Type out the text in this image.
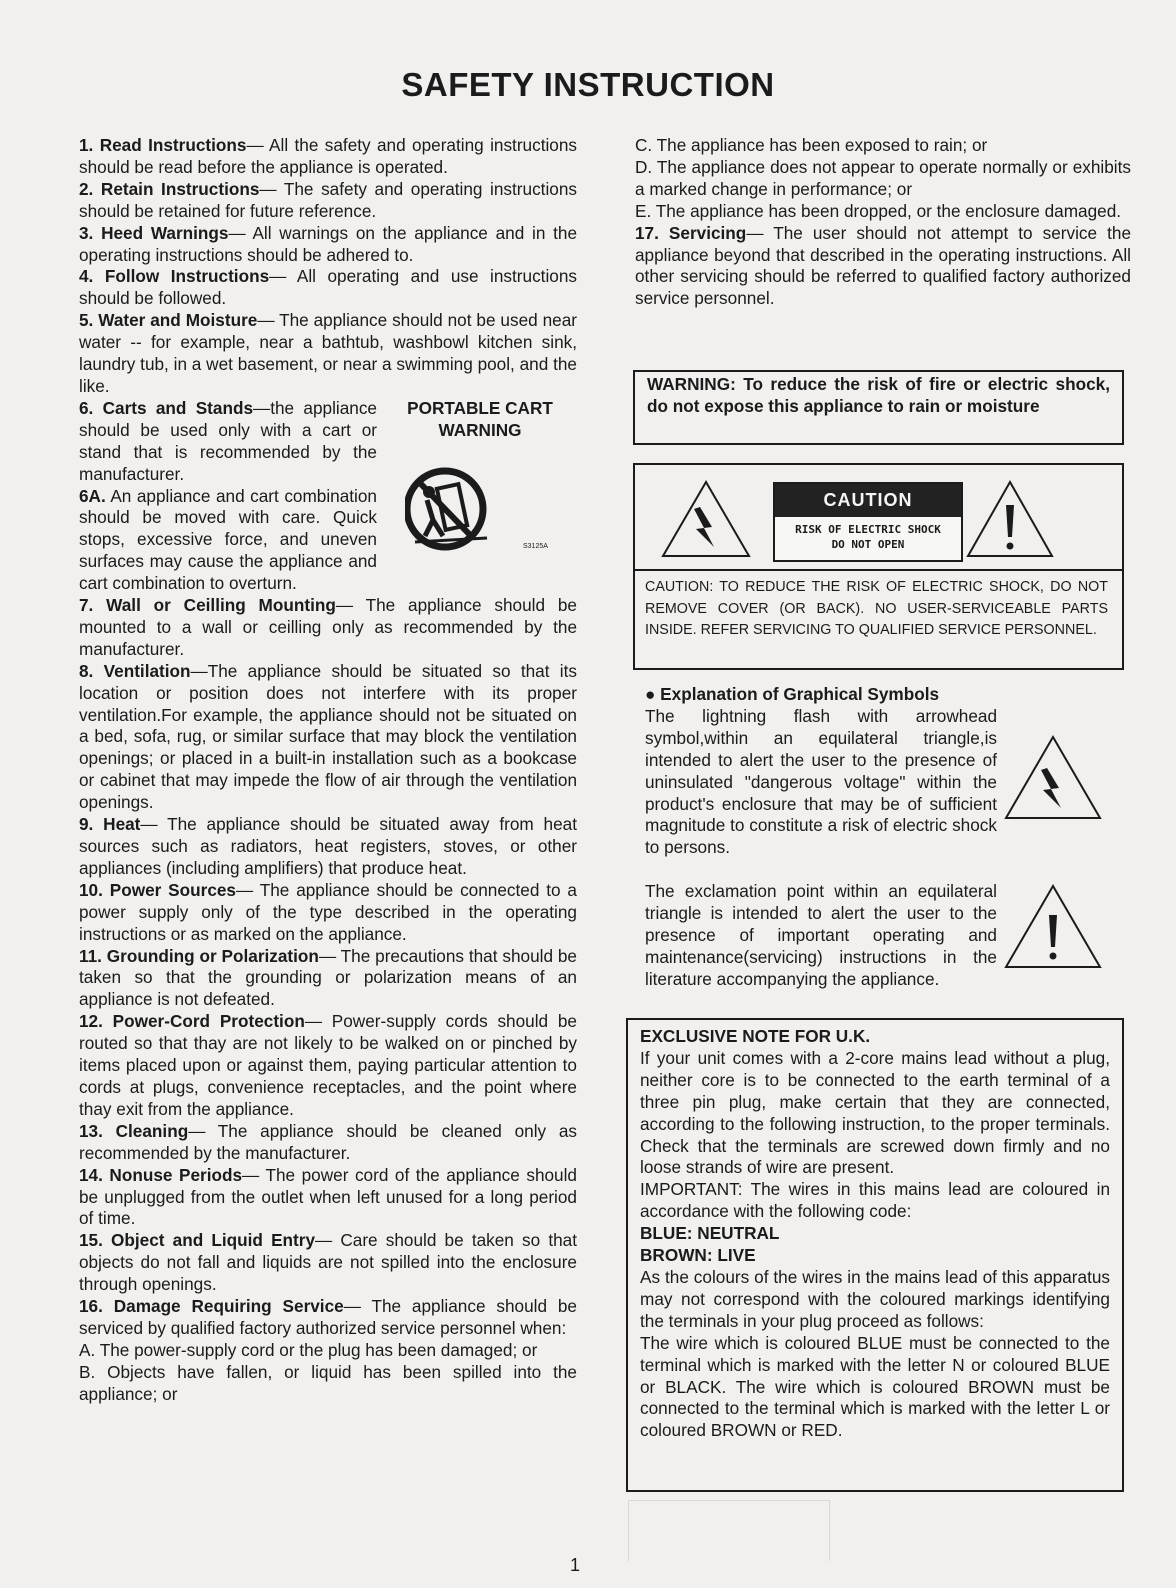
SAFETY INSTRUCTION

1. Read Instructions— All the safety and operating instructions should be read before the appliance is operated.

2. Retain Instructions— The safety and operating instructions should be retained for future reference.

3. Heed Warnings— All warnings on the appliance and in the operating instructions should be adhered to.

4. Follow Instructions— All operating and use instructions should be followed.

5. Water and Moisture— The appliance should not be used near water -- for example, near a bathtub, washbowl kitchen sink, laundry tub, in a wet basement, or near a swimming pool, and the like.

6. Carts and Stands—the appliance should be used only with a cart or stand that is recommended by the manufacturer.

6A. An appliance and cart combination should be moved with care. Quick stops, excessive force, and uneven surfaces may cause the appliance and cart combination to overturn.

PORTABLE CART
WARNING
S3125A

7. Wall or Ceilling Mounting— The appliance should be mounted to a wall or ceilling only as recommended by the manufacturer.

8. Ventilation—The appliance should be situated so that its location or position does not interfere with its proper ventilation.For example, the appliance should not be situated on a bed, sofa, rug, or similar surface that may block the ventilation openings; or placed in a built-in installation such as a bookcase or cabinet that may impede the flow of air through the ventilation openings.

9. Heat— The appliance should be situated away from heat sources such as radiators, heat registers, stoves, or other appliances (including amplifiers) that produce heat.

10. Power Sources— The appliance should be connected to a power supply only of the type described in the operating instructions or as marked on the appliance.

11. Grounding or Polarization— The precautions that should be taken so that the grounding or polarization means of an appliance is not defeated.

12. Power-Cord Protection— Power-supply cords should be routed so that thay are not likely to be walked on or pinched by items placed upon or against them, paying particular attention to cords at plugs, convenience receptacles, and the point where thay exit from the appliance.

13. Cleaning— The appliance should be cleaned only as recommended by the manufacturer.

14. Nonuse Periods— The power cord of the appliance should be unplugged from the outlet when left unused for a long period of time.

15. Object and Liquid Entry— Care should be taken so that objects do not fall and liquids are not spilled into the enclosure through openings.

16. Damage Requiring Service— The appliance should be serviced by qualified factory authorized service personnel when:

A. The power-supply cord or the plug has been damaged; or

B. Objects have fallen, or liquid has been spilled into the appliance; or

C. The appliance has been exposed to rain; or

D. The appliance does not appear to operate normally or exhibits a marked change in performance; or

E. The appliance has been dropped, or the enclosure damaged.

17. Servicing— The user should not attempt to service the appliance beyond that described in the operating instructions. All other servicing should be referred to qualified factory authorized service personnel.

WARNING: To reduce the risk of fire or electric shock, do not expose this appliance to rain or moisture

CAUTION
RISK OF ELECTRIC SHOCK
DO NOT OPEN
CAUTION: TO REDUCE THE RISK OF ELECTRIC SHOCK, DO NOT REMOVE COVER (OR BACK). NO USER-SERVICEABLE PARTS INSIDE. REFER SERVICING TO QUALIFIED SERVICE PERSONNEL.
● Explanation of Graphical Symbols

The lightning flash with arrowhead symbol,within an equilateral triangle,is intended to alert the user to the presence of uninsulated "dangerous voltage" within the product's enclosure that may be of sufficient magnitude to constitute a risk of electric shock to persons.

The exclamation point within an equilateral triangle is intended to alert the user to the presence of important operating and maintenance(servicing) instructions in the literature accompanying the appliance.

EXCLUSIVE NOTE FOR U.K.

If your unit comes with a 2-core mains lead without a plug, neither core is to be connected to the earth terminal of a three pin plug, make certain that they are connected, according to the following instruction, to the proper terminals. Check that the terminals are screwed down firmly and no loose strands of wire are present.

IMPORTANT: The wires in this mains lead are coloured in accordance with the following code:

BLUE: NEUTRAL

BROWN: LIVE

As the colours of the wires in the mains lead of this apparatus may not correspond with the coloured markings identifying the terminals in your plug proceed as follows:

The wire which is coloured BLUE must be connected to the terminal which is marked with the letter N or coloured BLUE or BLACK. The wire which is coloured BROWN must be connected to the terminal which is marked with the letter L or coloured BROWN or RED.

1
